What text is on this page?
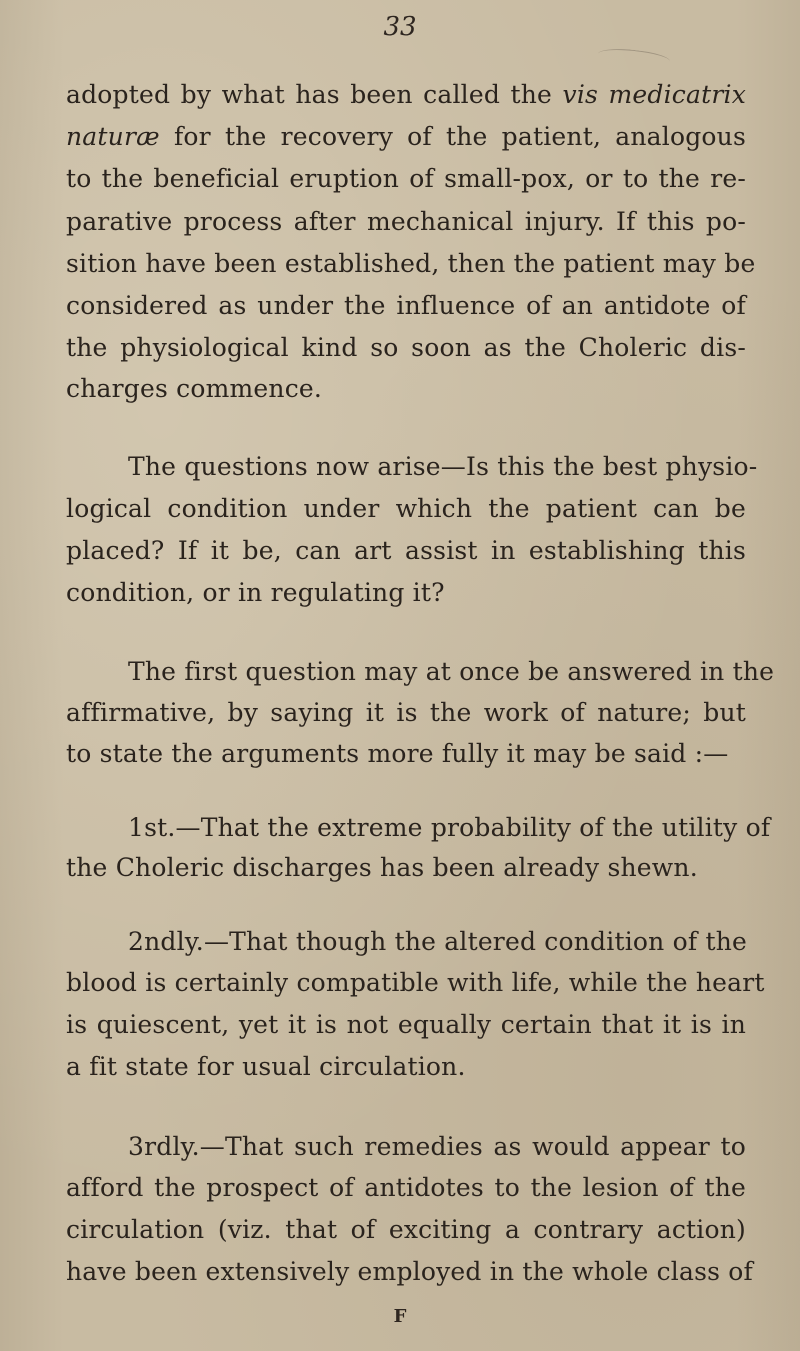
33
adopted by what has been called the vis medicatrix
naturæ for the recovery of the patient, analogous
to the beneficial eruption of small-pox, or to the re-
parative process after mechanical injury. If this po-
sition have been established, then the patient may be
considered as under the influence of an antidote of
the physiological kind so soon as the Choleric dis-
charges commence.
The questions now arise—Is this the best physio-
logical condition under which the patient can be
placed? If it be, can art assist in establishing this
condition, or in regulating it?
The first question may at once be answered in the
affirmative, by saying it is the work of nature; but
to state the arguments more fully it may be said :—
1st.—That the extreme probability of the utility of
the Choleric discharges has been already shewn.
2ndly.—That though the altered condition of the
blood is certainly compatible with life, while the heart
is quiescent, yet it is not equally certain that it is in
a fit state for usual circulation.
3rdly.—That such remedies as would appear to
afford the prospect of antidotes to the lesion of the
circulation (viz. that of exciting a contrary action)
have been extensively employed in the whole class of
F
